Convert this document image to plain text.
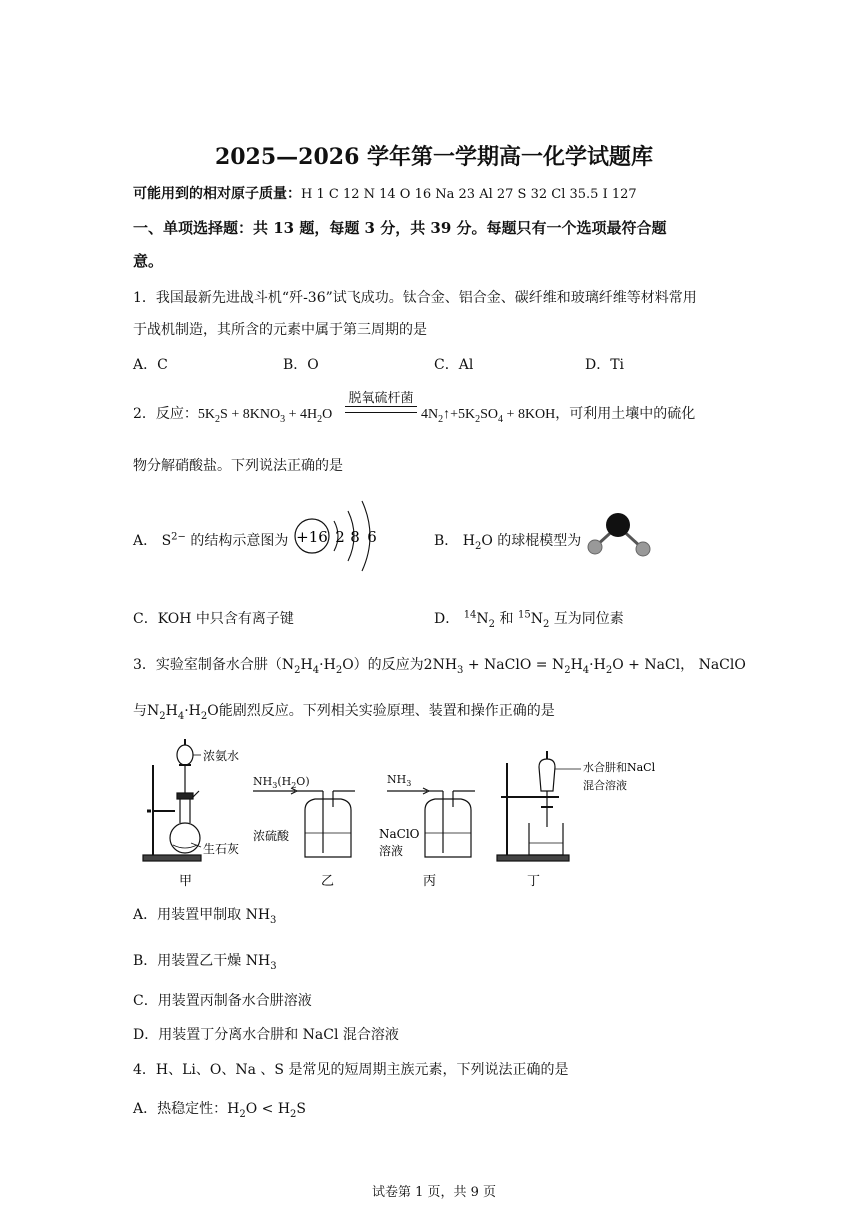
2025—2026 学年第一学期高一化学试题库
可能用到的相对原子质量：H 1 C 12 N 14 O 16 Na 23 Al 27 S 32 Cl 35.5 I 127
一、单项选择题：共 13 题，每题 3 分，共 39 分。每题只有一个选项最符合题
意。
1．我国最新先进战斗机“歼-36”试飞成功。钛合金、铝合金、碳纤维和玻璃纤维等材料常用
于战机制造，其所含的元素中属于第三周期的是
A．C	B．O	C．Al	D．Ti
2．反应：$5K_2S + 8KNO_3 + 4H_2O$
脱氧硫杆菌
$4N_2↑+5K_2SO_4 + 8KOH$，可利用土壤中的硫化
物分解硝酸盐。下列说法正确的是
A． $S^{2-}$ 的结构示意图为 +16 2 8 6	B． $H_2O$ 的球棍模型为
C．KOH 中只含有离子键	D． $^{14}N_2$ 和 $^{15}N_2$ 互为同位素
3．实验室制备水合肼$(N_2H_4\cdot H_2O)$的反应为$2NH_3$ + NaClO = $N_2H_4\cdot H_2O$ + NaCl， NaClO
与$N_2H_4\cdot H_2O$能剧烈反应。下列相关实验原理、装置和操作正确的是
浓氨水
生石灰
甲
$NH_3(H_2O)$
浓硫酸
乙
$NH_3$
NaClO
溶液
丙
水合肼和NaCl
混合溶液
丁
A．用装置甲制取 $NH_3$
B．用装置乙干燥 $NH_3$
C．用装置丙制备水合肼溶液
D．用装置丁分离水合肼和 NaCl 混合溶液
4．H、Li、O、Na 、S 是常见的短周期主族元素，下列说法正确的是
A．热稳定性：$H_2O < H_2S$
试卷第 1 页，共 9 页
